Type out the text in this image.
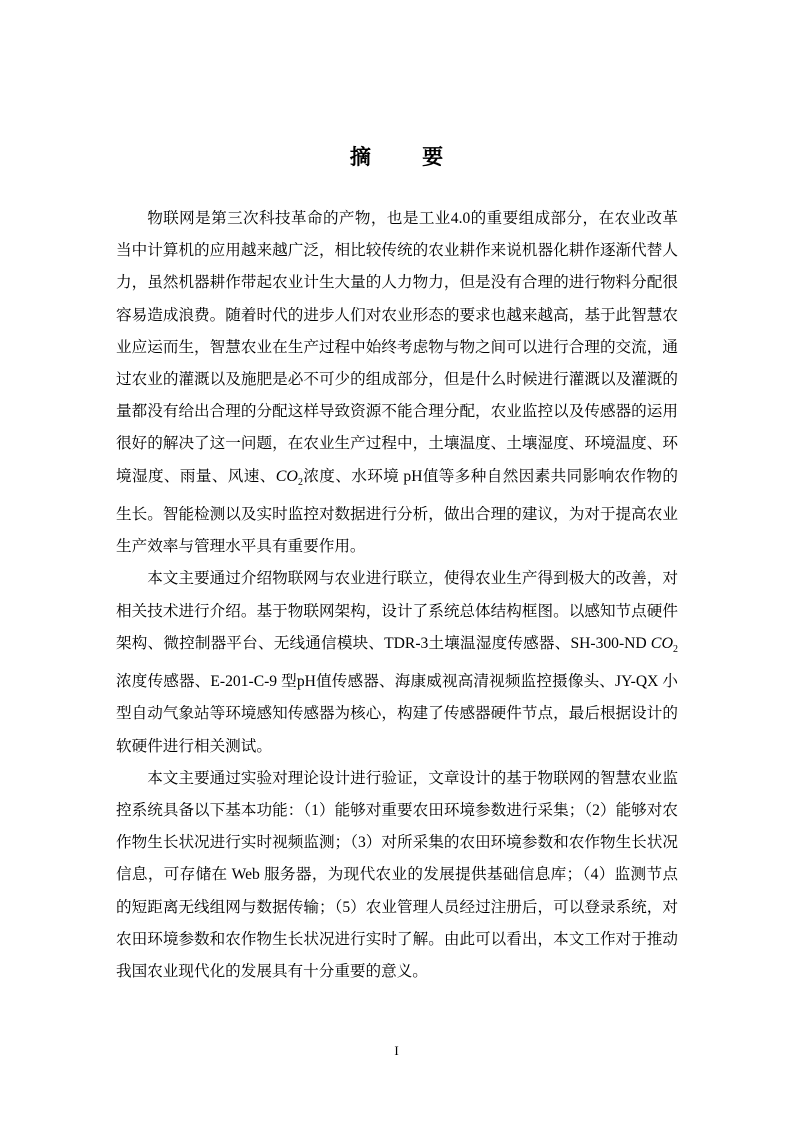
摘 要

物联网是第三次科技革命的产物，也是工业4.0的重要组成部分，在农业改革当中计算机的应用越来越广泛，相比较传统的农业耕作来说机器化耕作逐渐代替人力，虽然机器耕作带起农业计生大量的人力物力，但是没有合理的进行物料分配很容易造成浪费。随着时代的进步人们对农业形态的要求也越来越高，基于此智慧农业应运而生，智慧农业在生产过程中始终考虑物与物之间可以进行合理的交流，通过农业的灌溉以及施肥是必不可少的组成部分，但是什么时候进行灌溉以及灌溉的量都没有给出合理的分配这样导致资源不能合理分配，农业监控以及传感器的运用很好的解决了这一问题，在农业生产过程中，土壤温度、土壤湿度、环境温度、环境湿度、雨量、风速、$CO_2$浓度、水环境 pH值等多种自然因素共同影响农作物的生长。智能检测以及实时监控对数据进行分析，做出合理的建议，为对于提高农业生产效率与管理水平具有重要作用。

本文主要通过介绍物联网与农业进行联立，使得农业生产得到极大的改善，对相关技术进行介绍。基于物联网架构，设计了系统总体结构框图。以感知节点硬件架构、微控制器平台、无线通信模块、TDR-3土壤温湿度传感器、SH-300-ND $CO_2$浓度传感器、E-201-C-9 型pH值传感器、海康威视高清视频监控摄像头、JY-QX 小型自动气象站等环境感知传感器为核心，构建了传感器硬件节点，最后根据设计的软硬件进行相关测试。

本文主要通过实验对理论设计进行验证，文章设计的基于物联网的智慧农业监控系统具备以下基本功能：（1）能够对重要农田环境参数进行采集；（2）能够对农作物生长状况进行实时视频监测；（3）对所采集的农田环境参数和农作物生长状况信息，可存储在 Web 服务器，为现代农业的发展提供基础信息库；（4）监测节点的短距离无线组网与数据传输；（5）农业管理人员经过注册后，可以登录系统，对农田环境参数和农作物生长状况进行实时了解。由此可以看出，本文工作对于推动我国农业现代化的发展具有十分重要的意义。

I
